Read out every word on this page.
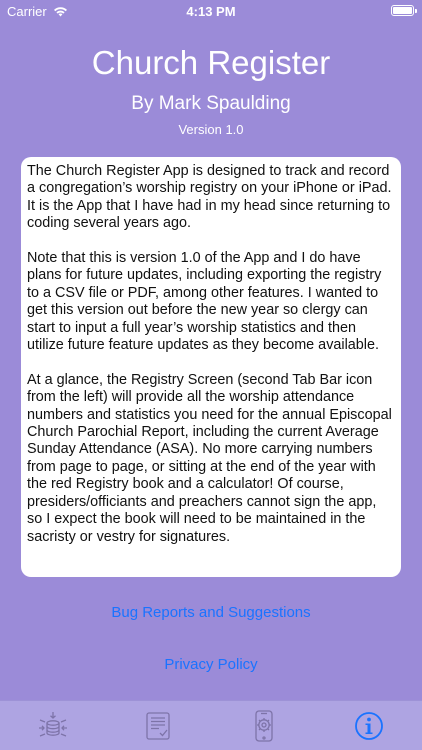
Carrier	4:13 PM
Church Register
By Mark Spaulding
Version 1.0

The Church Register App is designed to track and record a congregation’s worship registry on your iPhone or iPad. It is the App that I have had in my head since returning to coding several years ago.

Note that this is version 1.0 of the App and I do have plans for future updates, including exporting the registry to a CSV file or PDF, among other features. I wanted to get this version out before the new year so clergy can start to input a full year’s worship statistics and then utilize future feature updates as they become available.

At a glance, the Registry Screen (second Tab Bar icon from the left) will provide all the worship attendance numbers and statistics you need for the annual Episcopal Church Parochial Report, including the current Average Sunday Attendance (ASA). No more carrying numbers from page to page, or sitting at the end of the year with the red Registry book and a calculator! Of course, presiders/officiants and preachers cannot sign the app, so I expect the book will need to be maintained in the sacristy or vestry for signatures.

Bug Reports and Suggestions
Privacy Policy
